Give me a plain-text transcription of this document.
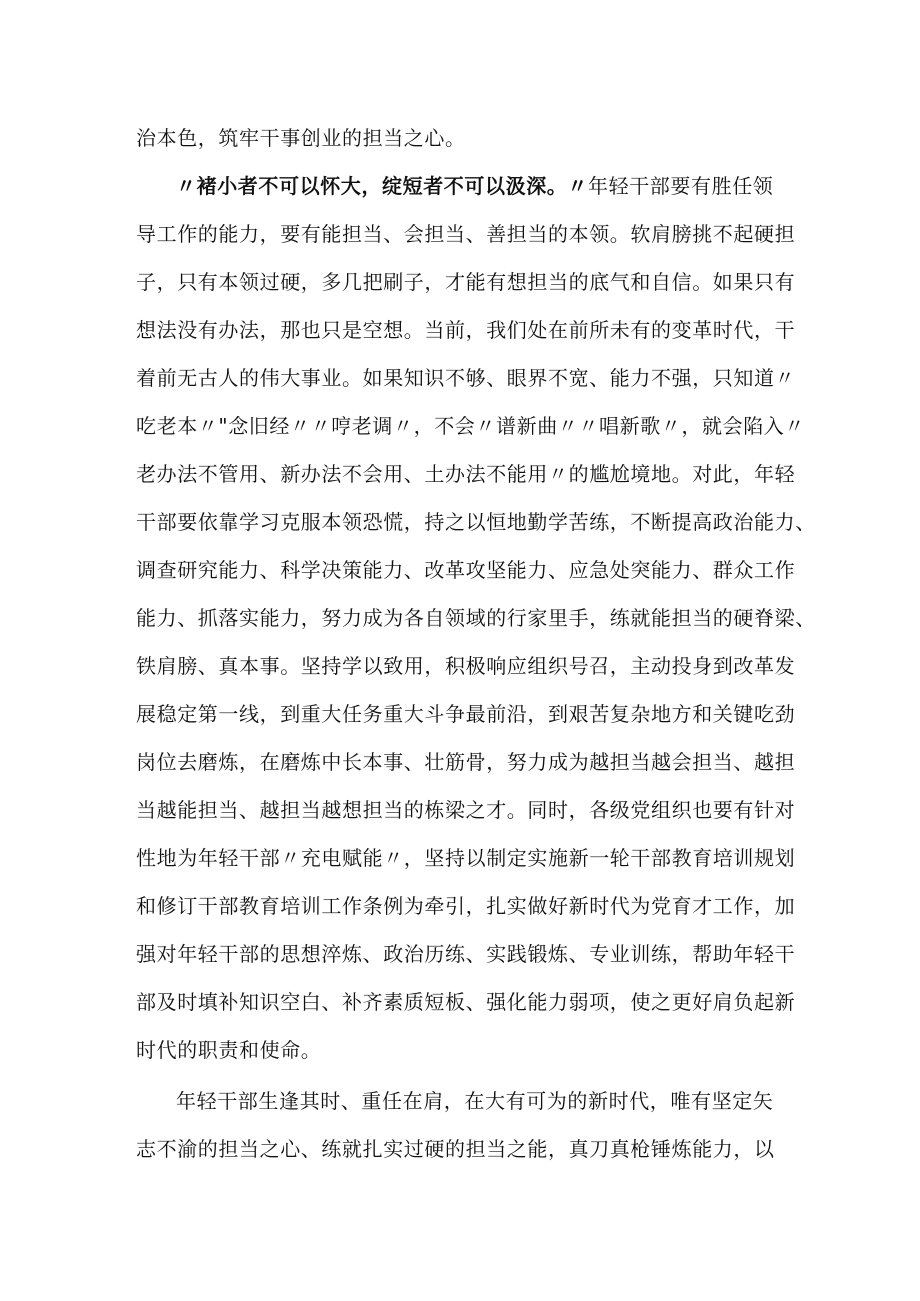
治本色，筑牢干事创业的担当之心。

〃褚小者不可以怀大，绽短者不可以汲深。〃年轻干部要有胜任领

导工作的能力，要有能担当、会担当、善担当的本领。软肩膀挑不起硬担

子，只有本领过硬，多几把刷子，才能有想担当的底气和自信。如果只有

想法没有办法，那也只是空想。当前，我们处在前所未有的变革时代，干

着前无古人的伟大事业。如果知识不够、眼界不宽、能力不强，只知道〃

吃老本〃"念旧经〃〃哼老调〃，不会〃谱新曲〃〃唱新歌〃，就会陷入〃

老办法不管用、新办法不会用、土办法不能用〃的尴尬境地。对此，年轻

干部要依靠学习克服本领恐慌，持之以恒地勤学苦练，不断提高政治能力、

调查研究能力、科学决策能力、改革攻坚能力、应急处突能力、群众工作

能力、抓落实能力，努力成为各自领域的行家里手，练就能担当的硬脊梁、

铁肩膀、真本事。坚持学以致用，积极响应组织号召，主动投身到改革发

展稳定第一线，到重大任务重大斗争最前沿，到艰苦复杂地方和关键吃劲

岗位去磨炼，在磨炼中长本事、壮筋骨，努力成为越担当越会担当、越担

当越能担当、越担当越想担当的栋梁之才。同时，各级党组织也要有针对

性地为年轻干部〃充电赋能〃，坚持以制定实施新一轮干部教育培训规划

和修订干部教育培训工作条例为牵引，扎实做好新时代为党育才工作，加

强对年轻干部的思想淬炼、政治历练、实践锻炼、专业训练，帮助年轻干

部及时填补知识空白、补齐素质短板、强化能力弱项，使之更好肩负起新

时代的职责和使命。

年轻干部生逢其时、重任在肩，在大有可为的新时代，唯有坚定矢

志不渝的担当之心、练就扎实过硬的担当之能，真刀真枪锤炼能力，以
